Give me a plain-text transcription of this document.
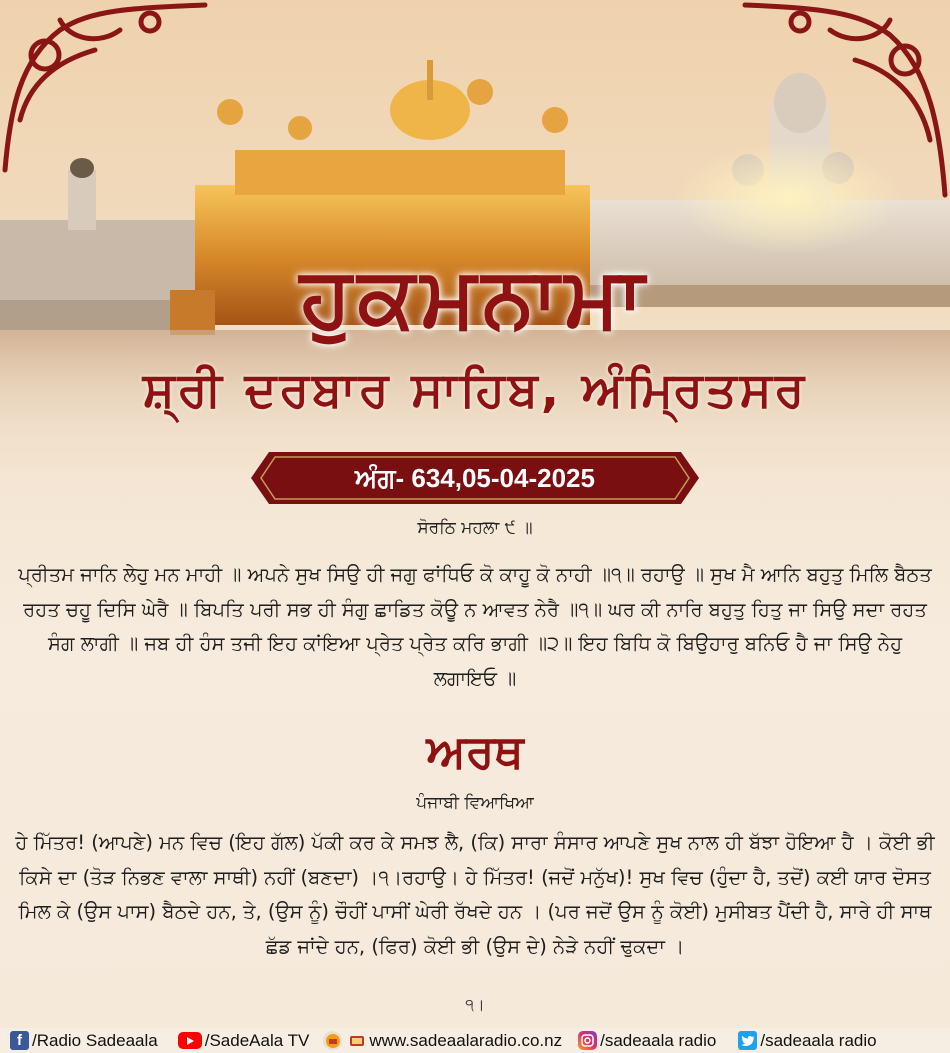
ਹੁਕਮਨਾਮਾ
ਸ਼੍ਰੀ ਦਰਬਾਰ ਸਾਹਿਬ, ਅੰਮ੍ਰਿਤਸਰ
ਅੰਗ- 634,05-04-2025
ਸੋਰਠਿ ਮਹਲਾ ੯ ॥
ਪ੍ਰੀਤਮ ਜਾਨਿ ਲੇਹੁ ਮਨ ਮਾਹੀ ॥ ਅਪਨੇ ਸੁਖ ਸਿਉ ਹੀ ਜਗੁ ਫਾਂਧਿਓ ਕੋ ਕਾਹੂ ਕੋ ਨਾਹੀ ॥੧॥ ਰਹਾਉ ॥ ਸੁਖ ਮੈ ਆਨਿ ਬਹੁਤੁ ਮਿਲਿ ਬੈਠਤ ਰਹਤ ਚਹੂ ਦਿਸਿ ਘੇਰੈ ॥ ਬਿਪਤਿ ਪਰੀ ਸਭ ਹੀ ਸੰਗੁ ਛਾਡਿਤ ਕੋਊ ਨ ਆਵਤ ਨੇਰੈ ॥੧॥ ਘਰ ਕੀ ਨਾਰਿ ਬਹੁਤੁ ਹਿਤੁ ਜਾ ਸਿਉ ਸਦਾ ਰਹਤ ਸੰਗ ਲਾਗੀ ॥ ਜਬ ਹੀ ਹੰਸ ਤਜੀ ਇਹ ਕਾਂਇਆ ਪ੍ਰੇਤ ਪ੍ਰੇਤ ਕਰਿ ਭਾਗੀ ॥੨॥ ਇਹ ਬਿਧਿ ਕੋ ਬਿਉਹਾਰੁ ਬਨਿਓ ਹੈ ਜਾ ਸਿਉ ਨੇਹੁ ਲਗਾਇਓ ॥
ਅਰਥ
ਪੰਜਾਬੀ ਵਿਆਖਿਆ
ਹੇ ਮਿੱਤਰ! (ਆਪਣੇ) ਮਨ ਵਿਚ (ਇਹ ਗੱਲ) ਪੱਕੀ ਕਰ ਕੇ ਸਮਝ ਲੈ, (ਕਿ) ਸਾਰਾ ਸੰਸਾਰ ਆਪਣੇ ਸੁਖ ਨਾਲ ਹੀ ਬੱਝਾ ਹੋਇਆ ਹੈ । ਕੋਈ ਭੀ ਕਿਸੇ ਦਾ (ਤੋੜ ਨਿਭਣ ਵਾਲਾ ਸਾਥੀ) ਨਹੀਂ (ਬਣਦਾ) ।੧।ਰਹਾਉ। ਹੇ ਮਿੱਤਰ! (ਜਦੋਂ ਮਨੁੱਖ)! ਸੁਖ ਵਿਚ (ਹੁੰਦਾ ਹੈ, ਤਦੋਂ) ਕਈ ਯਾਰ ਦੋਸਤ ਮਿਲ ਕੇ (ਉਸ ਪਾਸ) ਬੈਠਦੇ ਹਨ, ਤੇ, (ਉਸ ਨੂੰ) ਚੌਹੀਂ ਪਾਸੀਂ ਘੇਰੀ ਰੱਖਦੇ ਹਨ । (ਪਰ ਜਦੋਂ ਉਸ ਨੂੰ ਕੋਈ) ਮੁਸੀਬਤ ਪੈਂਦੀ ਹੈ, ਸਾਰੇ ਹੀ ਸਾਥ ਛੱਡ ਜਾਂਦੇ ਹਨ, (ਫਿਰ) ਕੋਈ ਭੀ (ਉਸ ਦੇ) ਨੇੜੇ ਨਹੀਂ ਢੁਕਦਾ ।
੧।
f /Radio Sadeaala	/SadeAala TV	www.sadeaalaradio.co.nz /sadeaala radio	/sadeaala radio
